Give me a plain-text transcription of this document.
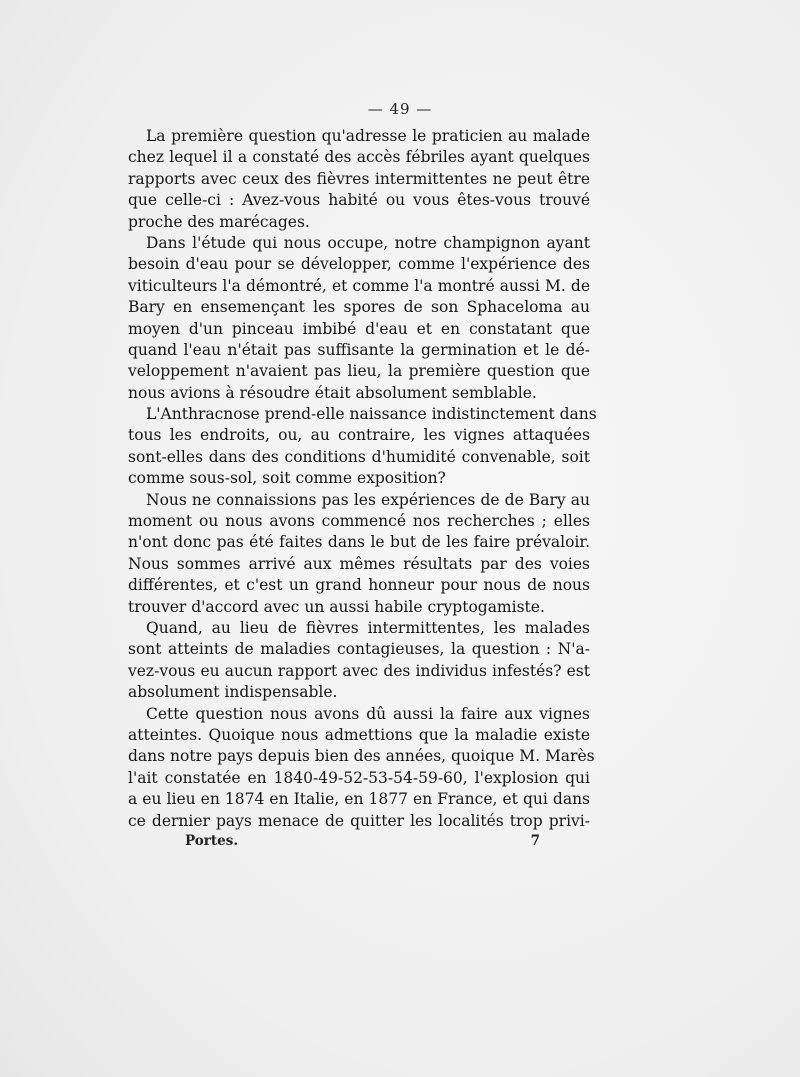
— 49 —
La première question qu'adresse le praticien au malade
chez lequel il a constaté des accès fébriles ayant quelques
rapports avec ceux des fièvres intermittentes ne peut être
que celle-ci : Avez-vous habité ou vous êtes-vous trouvé
proche des marécages.
Dans l'étude qui nous occupe, notre champignon ayant
besoin d'eau pour se développer, comme l'expérience des
viticulteurs l'a démontré, et comme l'a montré aussi M. de
Bary en ensemençant les spores de son Sphaceloma au
moyen d'un pinceau imbibé d'eau et en constatant que
quand l'eau n'était pas suffisante la germination et le dé-
veloppement n'avaient pas lieu, la première question que
nous avions à résoudre était absolument semblable.
L'Anthracnose prend-elle naissance indistinctement dans
tous les endroits, ou, au contraire, les vignes attaquées
sont-elles dans des conditions d'humidité convenable, soit
comme sous-sol, soit comme exposition?
Nous ne connaissions pas les expériences de de Bary au
moment ou nous avons commencé nos recherches ; elles
n'ont donc pas été faites dans le but de les faire prévaloir.
Nous sommes arrivé aux mêmes résultats par des voies
différentes, et c'est un grand honneur pour nous de nous
trouver d'accord avec un aussi habile cryptogamiste.
Quand, au lieu de fièvres intermittentes, les malades
sont atteints de maladies contagieuses, la question : N'a-
vez-vous eu aucun rapport avec des individus infestés? est
absolument indispensable.
Cette question nous avons dû aussi la faire aux vignes
atteintes. Quoique nous admettions que la maladie existe
dans notre pays depuis bien des années, quoique M. Marès
l'ait constatée en 1840-49-52-53-54-59-60, l'explosion qui
a eu lieu en 1874 en Italie, en 1877 en France, et qui dans
ce dernier pays menace de quitter les localités trop privi-
Portes.	7
